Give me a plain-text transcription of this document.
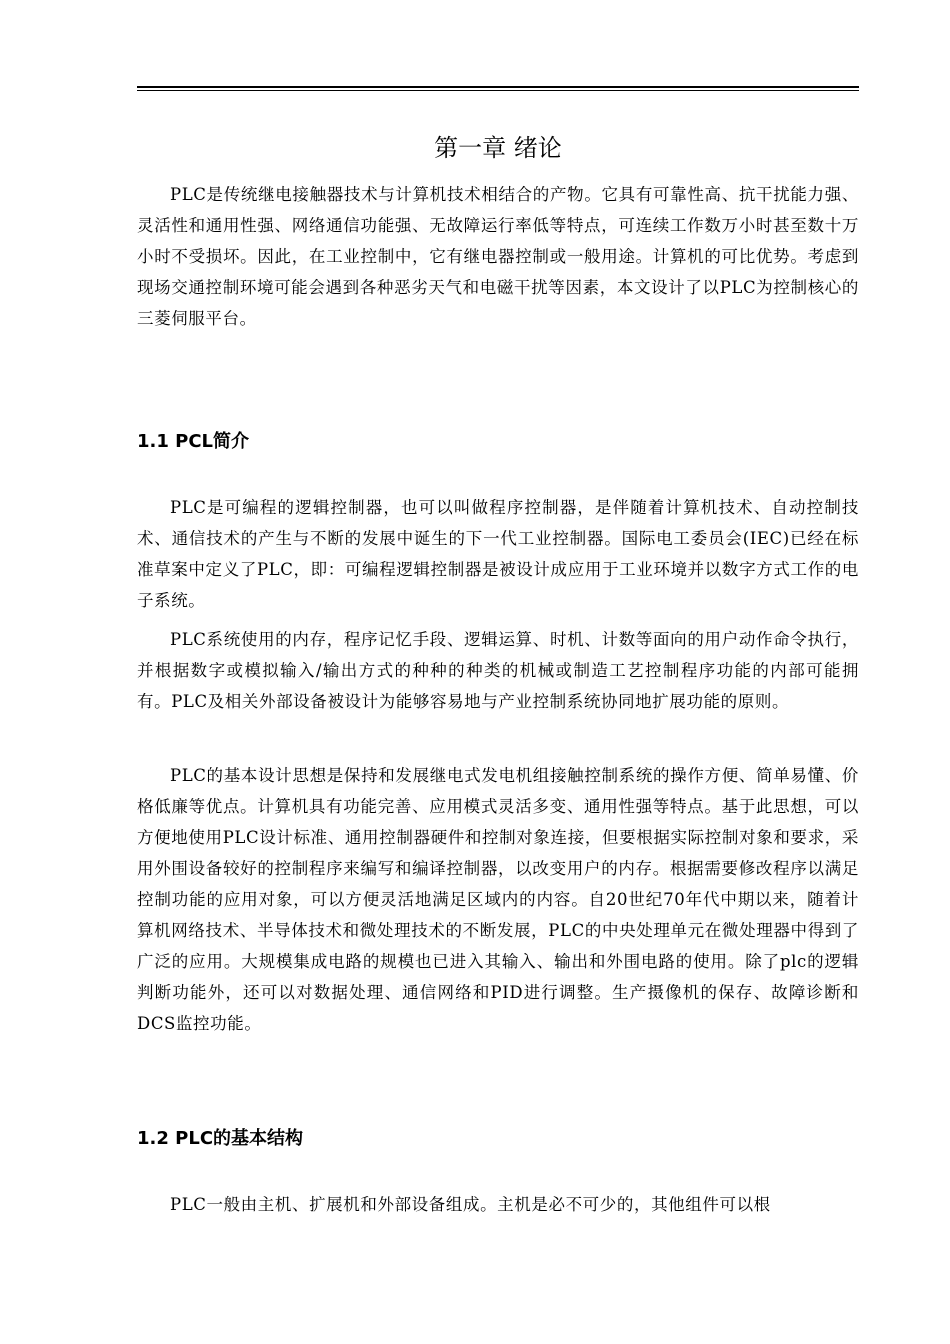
第一章 绪论

PLC是传统继电接触器技术与计算机技术相结合的产物。它具有可靠性高、抗干扰能力强、灵活性和通用性强、网络通信功能强、无故障运行率低等特点，可连续工作数万小时甚至数十万小时不受损坏。因此，在工业控制中，它有继电器控制或一般用途。计算机的可比优势。考虑到现场交通控制环境可能会遇到各种恶劣天气和电磁干扰等因素，本文设计了以PLC为控制核心的三菱伺服平台。

1.1 PCL简介

PLC是可编程的逻辑控制器，也可以叫做程序控制器，是伴随着计算机技术、自动控制技术、通信技术的产生与不断的发展中诞生的下一代工业控制器。国际电工委员会(IEC)已经在标准草案中定义了PLC，即：可编程逻辑控制器是被设计成应用于工业环境并以数字方式工作的电子系统。

PLC系统使用的内存，程序记忆手段、逻辑运算、时机、计数等面向的用户动作命令执行，并根据数字或模拟输入/输出方式的种种的种类的机械或制造工艺控制程序功能的内部可能拥有。PLC及相关外部设备被设计为能够容易地与产业控制系统协同地扩展功能的原则。

PLC的基本设计思想是保持和发展继电式发电机组接触控制系统的操作方便、简单易懂、价格低廉等优点。计算机具有功能完善、应用模式灵活多变、通用性强等特点。基于此思想，可以方便地使用PLC设计标准、通用控制器硬件和控制对象连接，但要根据实际控制对象和要求，采用外围设备较好的控制程序来编写和编译控制器，以改变用户的内存。根据需要修改程序以满足控制功能的应用对象，可以方便灵活地满足区域内的内容。自20世纪70年代中期以来，随着计算机网络技术、半导体技术和微处理技术的不断发展，PLC的中央处理单元在微处理器中得到了广泛的应用。大规模集成电路的规模也已进入其输入、输出和外围电路的使用。除了plc的逻辑判断功能外，还可以对数据处理、通信网络和PID进行调整。生产摄像机的保存、故障诊断和DCS监控功能。

1.2 PLC的基本结构

PLC一般由主机、扩展机和外部设备组成。主机是必不可少的，其他组件可以根
